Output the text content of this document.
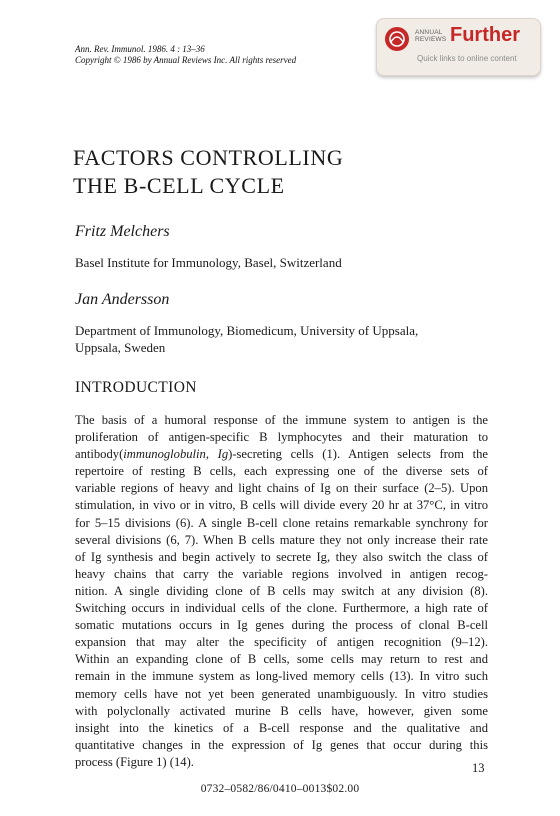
Ann. Rev. Immunol. 1986. 4 : 13–36
Copyright © 1986 by Annual Reviews Inc. All rights reserved
ANNUAL
REVIEWS Further
Quick links to online content
FACTORS CONTROLLING
THE B-CELL CYCLE

Fritz Melchers

Basel Institute for Immunology, Basel, Switzerland

Jan Andersson

Department of Immunology, Biomedicum, University of Uppsala,
Uppsala, Sweden

INTRODUCTION
The basis of a humoral response of the immune system to antigen is the
proliferation of antigen-specific B lymphocytes and their maturation to
antibody(immunoglobulin, Ig)-secreting cells (1). Antigen selects from the
repertoire of resting B cells, each expressing one of the diverse sets of
variable regions of heavy and light chains of Ig on their surface (2–5). Upon
stimulation, in vivo or in vitro, B cells will divide every 20 hr at 37°C, in vitro
for 5–15 divisions (6). A single B-cell clone retains remarkable synchrony for
several divisions (6, 7). When B cells mature they not only increase their rate
of Ig synthesis and begin actively to secrete Ig, they also switch the class of
heavy chains that carry the variable regions involved in antigen recog-
nition. A single dividing clone of B cells may switch at any division (8).
Switching occurs in individual cells of the clone. Furthermore, a high rate of
somatic mutations occurs in Ig genes during the process of clonal B-cell
expansion that may alter the specificity of antigen recognition (9–12).
Within an expanding clone of B cells, some cells may return to rest and
remain in the immune system as long-lived memory cells (13). In vitro such
memory cells have not yet been generated unambiguously. In vitro studies
with polyclonally activated murine B cells have, however, given some
insight into the kinetics of a B-cell response and the qualitative and
quantitative changes in the expression of Ig genes that occur during this
process (Figure 1) (14).	13
0732–0582/86/0410–0013$02.00
